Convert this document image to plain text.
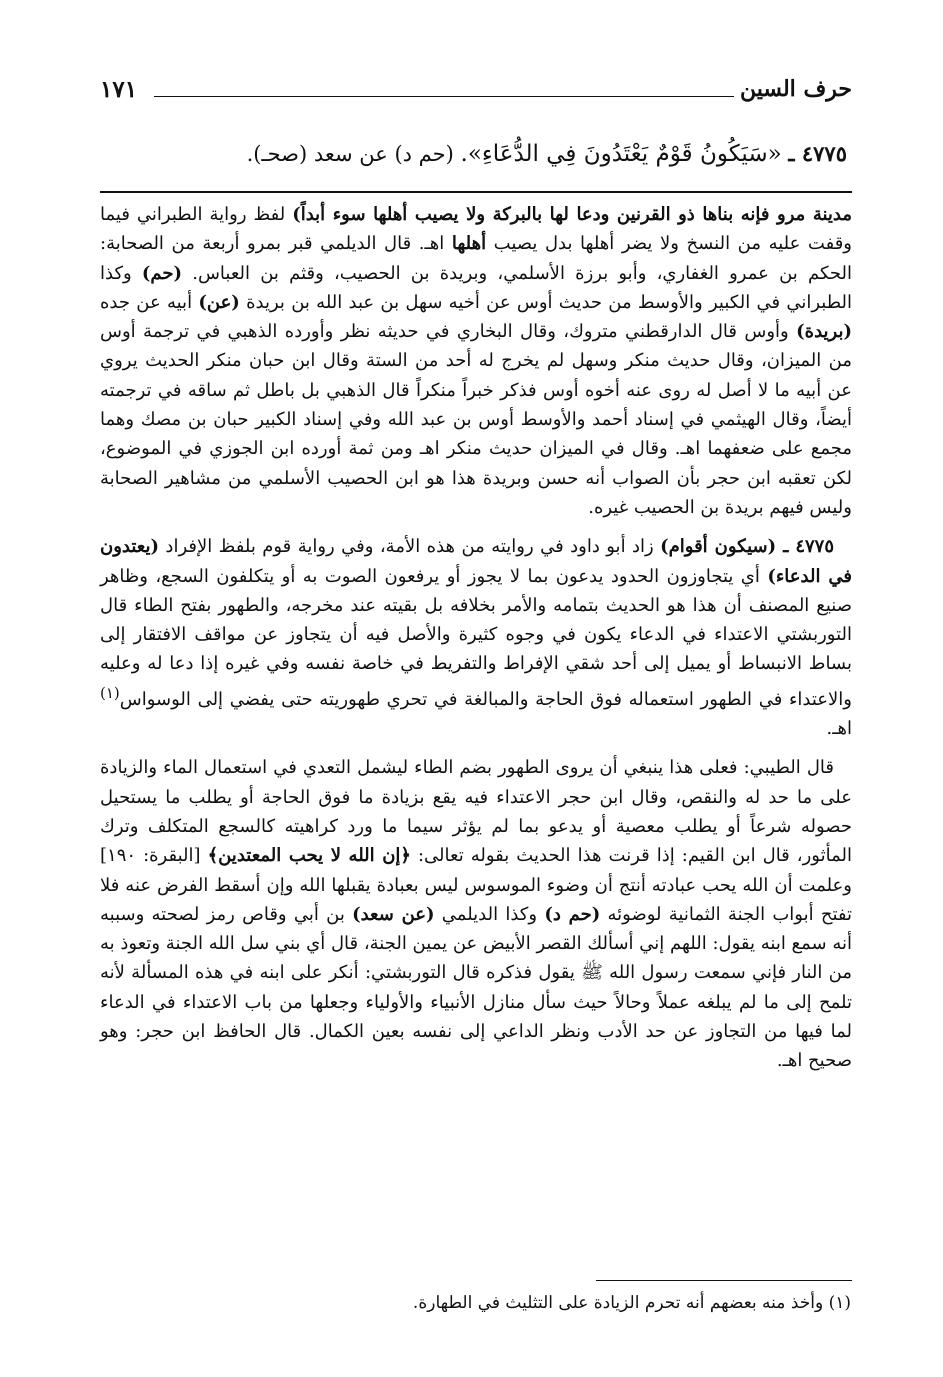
١٧١	حرف السين
٤٧٧٥ ـ «سَيَكُونُ قَوْمٌ يَعْتَدُونَ فِي الدُّعَاءِ». (حم د) عن سعد (صحـ).

مدينة مرو فإنه بناها ذو القرنين ودعا لها بالبركة ولا يصيب أهلها سوء أبداً) لفظ رواية الطبراني فيما وقفت عليه من النسخ ولا يضر أهلها بدل يصيب أهلها اهـ. قال الديلمي قبر بمرو أربعة من الصحابة: الحكم بن عمرو الغفاري، وأبو برزة الأسلمي، وبريدة بن الحصيب، وقثم بن العباس. (حم) وكذا الطبراني في الكبير والأوسط من حديث أوس عن أخيه سهل بن عبد الله بن بريدة (عن) أبيه عن جده (بريدة) وأوس قال الدارقطني متروك، وقال البخاري في حديثه نظر وأورده الذهبي في ترجمة أوس من الميزان، وقال حديث منكر وسهل لم يخرج له أحد من الستة وقال ابن حبان منكر الحديث يروي عن أبيه ما لا أصل له روى عنه أخوه أوس فذكر خبراً منكراً قال الذهبي بل باطل ثم ساقه في ترجمته أيضاً، وقال الهيثمي في إسناد أحمد والأوسط أوس بن عبد الله وفي إسناد الكبير حبان بن مصك وهما مجمع على ضعفهما اهـ. وقال في الميزان حديث منكر اهـ ومن ثمة أورده ابن الجوزي في الموضوع، لكن تعقبه ابن حجر بأن الصواب أنه حسن وبريدة هذا هو ابن الحصيب الأسلمي من مشاهير الصحابة وليس فيهم بريدة بن الحصيب غيره.

٤٧٧٥ ـ (سيكون أقوام) زاد أبو داود في روايته من هذه الأمة، وفي رواية قوم بلفظ الإفراد (يعتدون في الدعاء) أي يتجاوزون الحدود يدعون بما لا يجوز أو يرفعون الصوت به أو يتكلفون السجع، وظاهر صنيع المصنف أن هذا هو الحديث بتمامه والأمر بخلافه بل بقيته عند مخرجه، والطهور بفتح الطاء قال التوربشتي الاعتداء في الدعاء يكون في وجوه كثيرة والأصل فيه أن يتجاوز عن مواقف الافتقار إلى بساط الانبساط أو يميل إلى أحد شقي الإفراط والتفريط في خاصة نفسه وفي غيره إذا دعا له وعليه والاعتداء في الطهور استعماله فوق الحاجة والمبالغة في تحري طهوريته حتى يفضي إلى الوسواس$^{(١)}$ اهـ.

قال الطيبي: فعلى هذا ينبغي أن يروى الطهور بضم الطاء ليشمل التعدي في استعمال الماء والزيادة على ما حد له والنقص، وقال ابن حجر الاعتداء فيه يقع بزيادة ما فوق الحاجة أو يطلب ما يستحيل حصوله شرعاً أو يطلب معصية أو يدعو بما لم يؤثر سيما ما ورد كراهيته كالسجع المتكلف وترك المأثور، قال ابن القيم: إذا قرنت هذا الحديث بقوله تعالى: ﴿إن الله لا يحب المعتدين﴾ [البقرة: ١٩٠] وعلمت أن الله يحب عبادته أنتج أن وضوء الموسوس ليس بعبادة يقبلها الله وإن أسقط الفرض عنه فلا تفتح أبواب الجنة الثمانية لوضوئه (حم د) وكذا الديلمي (عن سعد) بن أبي وقاص رمز لصحته وسببه أنه سمع ابنه يقول: اللهم إني أسألك القصر الأبيض عن يمين الجنة، قال أي بني سل الله الجنة وتعوذ به من النار فإني سمعت رسول الله ﷺ يقول فذكره قال التوربشتي: أنكر على ابنه في هذه المسألة لأنه تلمح إلى ما لم يبلغه عملاً وحالاً حيث سأل منازل الأنبياء والأولياء وجعلها من باب الاعتداء في الدعاء لما فيها من التجاوز عن حد الأدب ونظر الداعي إلى نفسه بعين الكمال. قال الحافظ ابن حجر: وهو صحيح اهـ.

(١) وأخذ منه بعضهم أنه تحرم الزيادة على التثليث في الطهارة.
